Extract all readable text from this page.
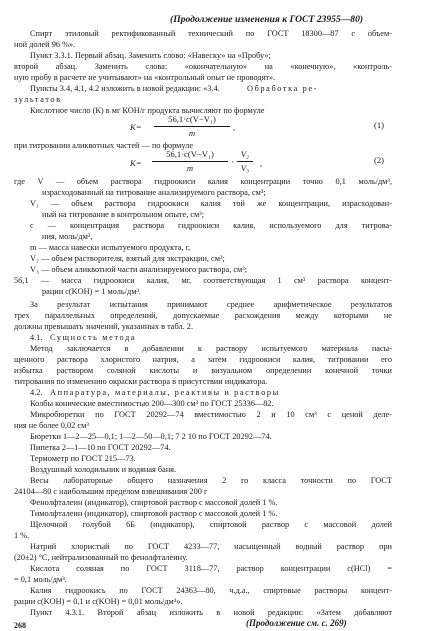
(Продолжение изменения к ГОСТ 23955—80)
Спирт этиловый ректификованный технический по ГОСТ 18300—87 с объем-
ной долей 96 %».
Пункт 3.3.1. Первый абзац. Заменить слово: «Навеску» на «Пробу»;
второй абзац. Заменить слова: «окончательную» на «конечную», «контроль-
ную пробу в расчете не учитывают» на «контрольный опыт не проводят».
Пункты 3.4, 4.1, 4.2 изложить в новой редакции: «3.4.	Обработка ре-
зультатов
Кислотное число (К) в мг КОН/г продукта вычисляют по формуле
K=
56,1·c(V−V₁)
m
,	(1)
при титровании аликвотных частей — по формуле
K=
56,1·c(V−V₁)
m
·
V₂
V₃	,	(2)
где V — объем раствора гидроокиси калия концентрации точно 0,1 моль/дм³,
израсходованный на титрование анализируемого раствора, см³;
V₁ — объем раствора гидроокиси калия той же концентрации, израсходован-
ный на титрование в контрольном опыте, см³;
c — концентрация раствора гидроокиси калия, используемого для титрова-
ния, моль/дм³,
m — масса навески испытуемого продукта, г,
V₂ — объем растворителя, взятый для экстракции, см³;
V₃ — объем аликвотной части анализируемого раствора, см³;
56,1 — масса гидроокиси калия, мг, соответствующая 1 см³ раствора концент-
рации c(KOH) = 1 моль/дм³.
За результат испытания принимают среднее арифметическое результатов
трех параллельных определений, допускаемые расхождения между которыми не
должны превышать значений, указанных в табл. 2.
4.1. Сущность метода
Метод заключается в добавлении к раствору испытуемого материала насы-
щенного раствора хлористого натрия, а затем гидроокиси калия, титровании его
избытка раствором соляной кислоты и визуальном определении конечной точки
титрования по изменению окраски раствора в присутствии индикатора.
4.2. Аппаратура, материалы, реактивы и растворы
Колбы конические вместимостью 200—300 см³ по ГОСТ 25336—82.
Микробюретки по ГОСТ 20292—74 вместимостью 2 и 10 см³ с ценой деле-
ния не более 0,02 см³
Бюретки 1—2—25—0,1; 1—2—50—0,1; 7 2 10 по ГОСТ 20292—74.
Пипетка 2—1—10 по ГОСТ 20292—74.
Термометр по ГОСТ 215—73.
Воздушный холодильник и водяная баня.
Весы лабораторные общего назначения 2 го класса точности по ГОСТ
24104—80 с наибольшим пределом взвешивания 200 г
Фенолфталеин (индикатор), спиртовой раствор с массовой долей 1 %.
Тимолфталеин (индикатор), спиртовой раствор с массовой долей 1 %.
Щелочной голубой 6Б (индикатор), спиртовой раствор с массовой долей
1 %.
Натрий хлористый по ГОСТ 4233—77, насыщенный водный раствор при
(20±2) °C, нейтрализованный по фенолфталеину.
Кислота соляная по ГОСТ 3118—77, раствор концентрации c(HCl) =
= 0,1 моль/дм³.
Калия гидроокись по ГОСТ 24363—80, ч.д.а., спиртовые растворы концент-
рации c(KOH) = 0,1 и c(KOH) = 0,01 моль/дм³».
Пункт 4.3.1. Второй абзац изложить в новой редакции: «Затем добавляют
268	(Продолжение см. с. 269)
